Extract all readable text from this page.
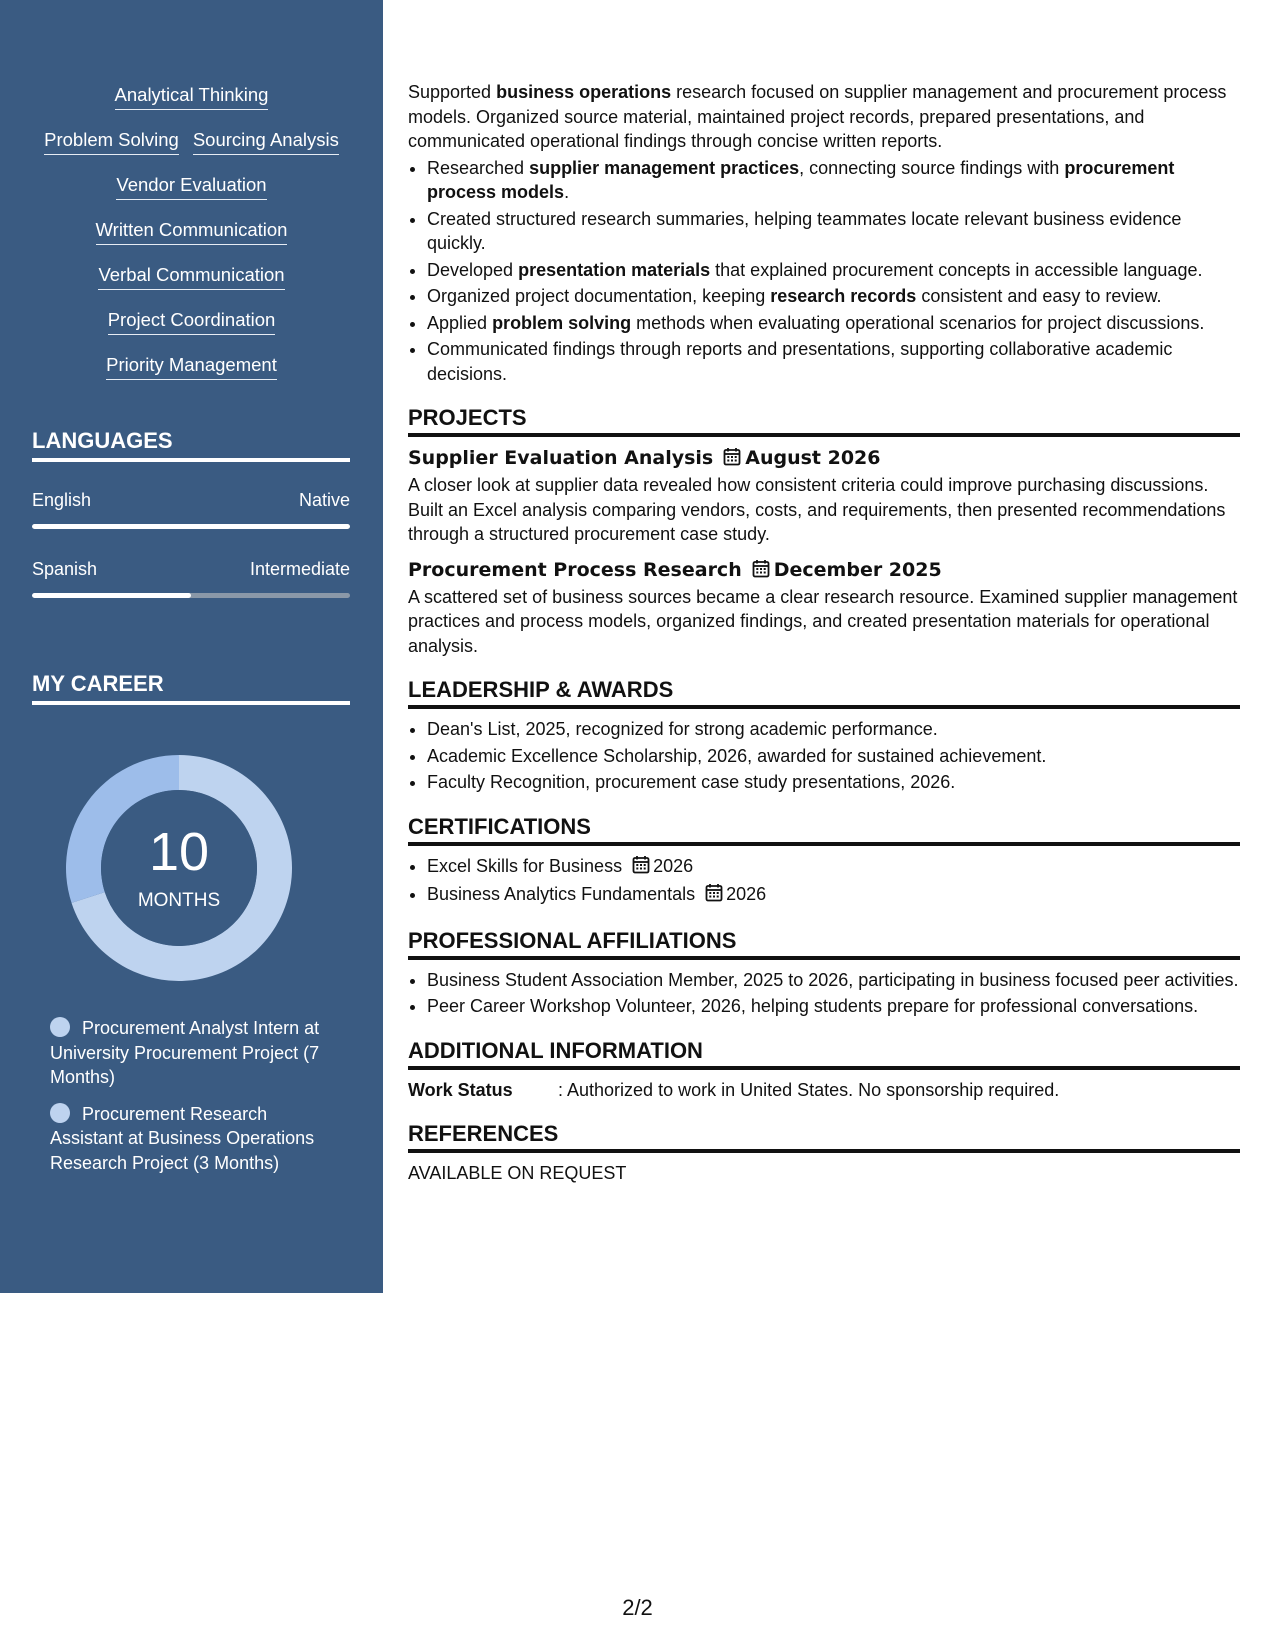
Analytical Thinking
Problem Solving Sourcing Analysis
Vendor Evaluation
Written Communication
Verbal Communication
Project Coordination
Priority Management
LANGUAGES
English	Native
Spanish	Intermediate
MY CAREER
10
MONTHS
Procurement Analyst Intern at University Procurement Project (7 Months)
Procurement Research Assistant at Business Operations Research Project (3 Months)

Supported business operations research focused on supplier management and procurement process models. Organized source material, maintained project records, prepared presentations, and communicated operational findings through concise written reports.

• Researched supplier management practices, connecting source findings with procurement process models.
• Created structured research summaries, helping teammates locate relevant business evidence quickly.
• Developed presentation materials that explained procurement concepts in accessible language.
• Organized project documentation, keeping research records consistent and easy to review.
• Applied problem solving methods when evaluating operational scenarios for project discussions.
• Communicated findings through reports and presentations, supporting collaborative academic decisions.
PROJECTS
Supplier Evaluation Analysis August 2026

A closer look at supplier data revealed how consistent criteria could improve purchasing discussions. Built an Excel analysis comparing vendors, costs, and requirements, then presented recommendations through a structured procurement case study.

Procurement Process Research December 2025

A scattered set of business sources became a clear research resource. Examined supplier management practices and process models, organized findings, and created presentation materials for operational analysis.

LEADERSHIP & AWARDS
• Dean's List, 2025, recognized for strong academic performance.
• Academic Excellence Scholarship, 2026, awarded for sustained achievement.
• Faculty Recognition, procurement case study presentations, 2026.
CERTIFICATIONS
• Excel Skills for Business 2026
• Business Analytics Fundamentals 2026
PROFESSIONAL AFFILIATIONS
• Business Student Association Member, 2025 to 2026, participating in business focused peer activities.
• Peer Career Workshop Volunteer, 2026, helping students prepare for professional conversations.
ADDITIONAL INFORMATION
Work Status	: Authorized to work in United States. No sponsorship required.
REFERENCES

AVAILABLE ON REQUEST

2/2
